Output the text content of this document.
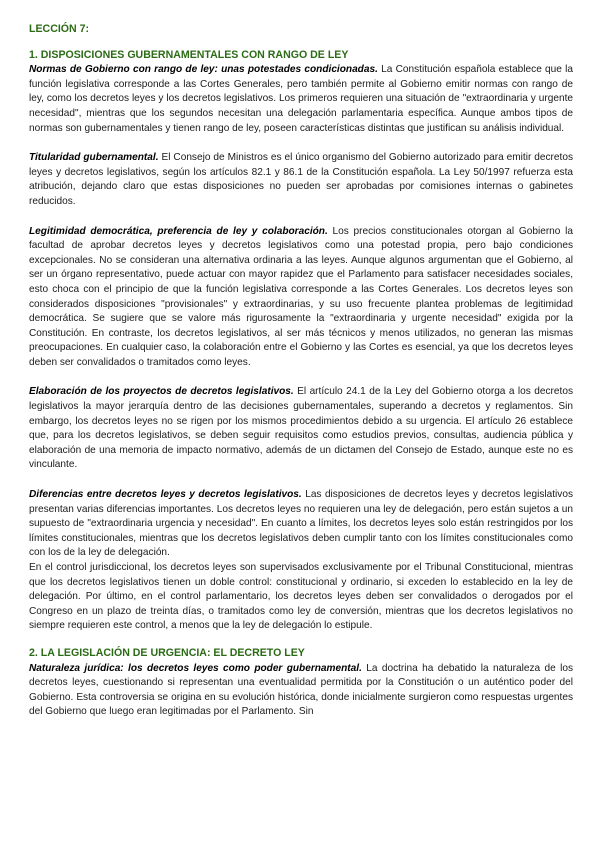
LECCIÓN 7:

1. DISPOSICIONES GUBERNAMENTALES CON RANGO DE LEY

Normas de Gobierno con rango de ley: unas potestades condicionadas. La Constitución española establece que la función legislativa corresponde a las Cortes Generales, pero también permite al Gobierno emitir normas con rango de ley, como los decretos leyes y los decretos legislativos. Los primeros requieren una situación de "extraordinaria y urgente necesidad", mientras que los segundos necesitan una delegación parlamentaria específica. Aunque ambos tipos de normas son gubernamentales y tienen rango de ley, poseen características distintas que justifican su análisis individual.

Titularidad gubernamental. El Consejo de Ministros es el único organismo del Gobierno autorizado para emitir decretos leyes y decretos legislativos, según los artículos 82.1 y 86.1 de la Constitución española. La Ley 50/1997 refuerza esta atribución, dejando claro que estas disposiciones no pueden ser aprobadas por comisiones internas o gabinetes reducidos.

Legitimidad democrática, preferencia de ley y colaboración. Los precios constitucionales otorgan al Gobierno la facultad de aprobar decretos leyes y decretos legislativos como una potestad propia, pero bajo condiciones excepcionales. No se consideran una alternativa ordinaria a las leyes. Aunque algunos argumentan que el Gobierno, al ser un órgano representativo, puede actuar con mayor rapidez que el Parlamento para satisfacer necesidades sociales, esto choca con el principio de que la función legislativa corresponde a las Cortes Generales. Los decretos leyes son considerados disposiciones "provisionales" y extraordinarias, y su uso frecuente plantea problemas de legitimidad democrática. Se sugiere que se valore más rigurosamente la "extraordinaria y urgente necesidad" exigida por la Constitución. En contraste, los decretos legislativos, al ser más técnicos y menos utilizados, no generan las mismas preocupaciones. En cualquier caso, la colaboración entre el Gobierno y las Cortes es esencial, ya que los decretos leyes deben ser convalidados o tramitados como leyes.

Elaboración de los proyectos de decretos legislativos. El artículo 24.1 de la Ley del Gobierno otorga a los decretos legislativos la mayor jerarquía dentro de las decisiones gubernamentales, superando a decretos y reglamentos. Sin embargo, los decretos leyes no se rigen por los mismos procedimientos debido a su urgencia. El artículo 26 establece que, para los decretos legislativos, se deben seguir requisitos como estudios previos, consultas, audiencia pública y elaboración de una memoria de impacto normativo, además de un dictamen del Consejo de Estado, aunque este no es vinculante.

Diferencias entre decretos leyes y decretos legislativos. Las disposiciones de decretos leyes y decretos legislativos presentan varias diferencias importantes. Los decretos leyes no requieren una ley de delegación, pero están sujetos a un supuesto de "extraordinaria urgencia y necesidad". En cuanto a límites, los decretos leyes solo están restringidos por los límites constitucionales, mientras que los decretos legislativos deben cumplir tanto con los límites constitucionales como con los de la ley de delegación.

En el control jurisdiccional, los decretos leyes son supervisados exclusivamente por el Tribunal Constitucional, mientras que los decretos legislativos tienen un doble control: constitucional y ordinario, si exceden lo establecido en la ley de delegación. Por último, en el control parlamentario, los decretos leyes deben ser convalidados o derogados por el Congreso en un plazo de treinta días, o tramitados como ley de conversión, mientras que los decretos legislativos no siempre requieren este control, a menos que la ley de delegación lo estipule.

2. LA LEGISLACIÓN DE URGENCIA: EL DECRETO LEY

Naturaleza jurídica: los decretos leyes como poder gubernamental. La doctrina ha debatido la naturaleza de los decretos leyes, cuestionando si representan una eventualidad permitida por la Constitución o un auténtico poder del Gobierno. Esta controversia se origina en su evolución histórica, donde inicialmente surgieron como respuestas urgentes del Gobierno que luego eran legitimadas por el Parlamento. Sin
